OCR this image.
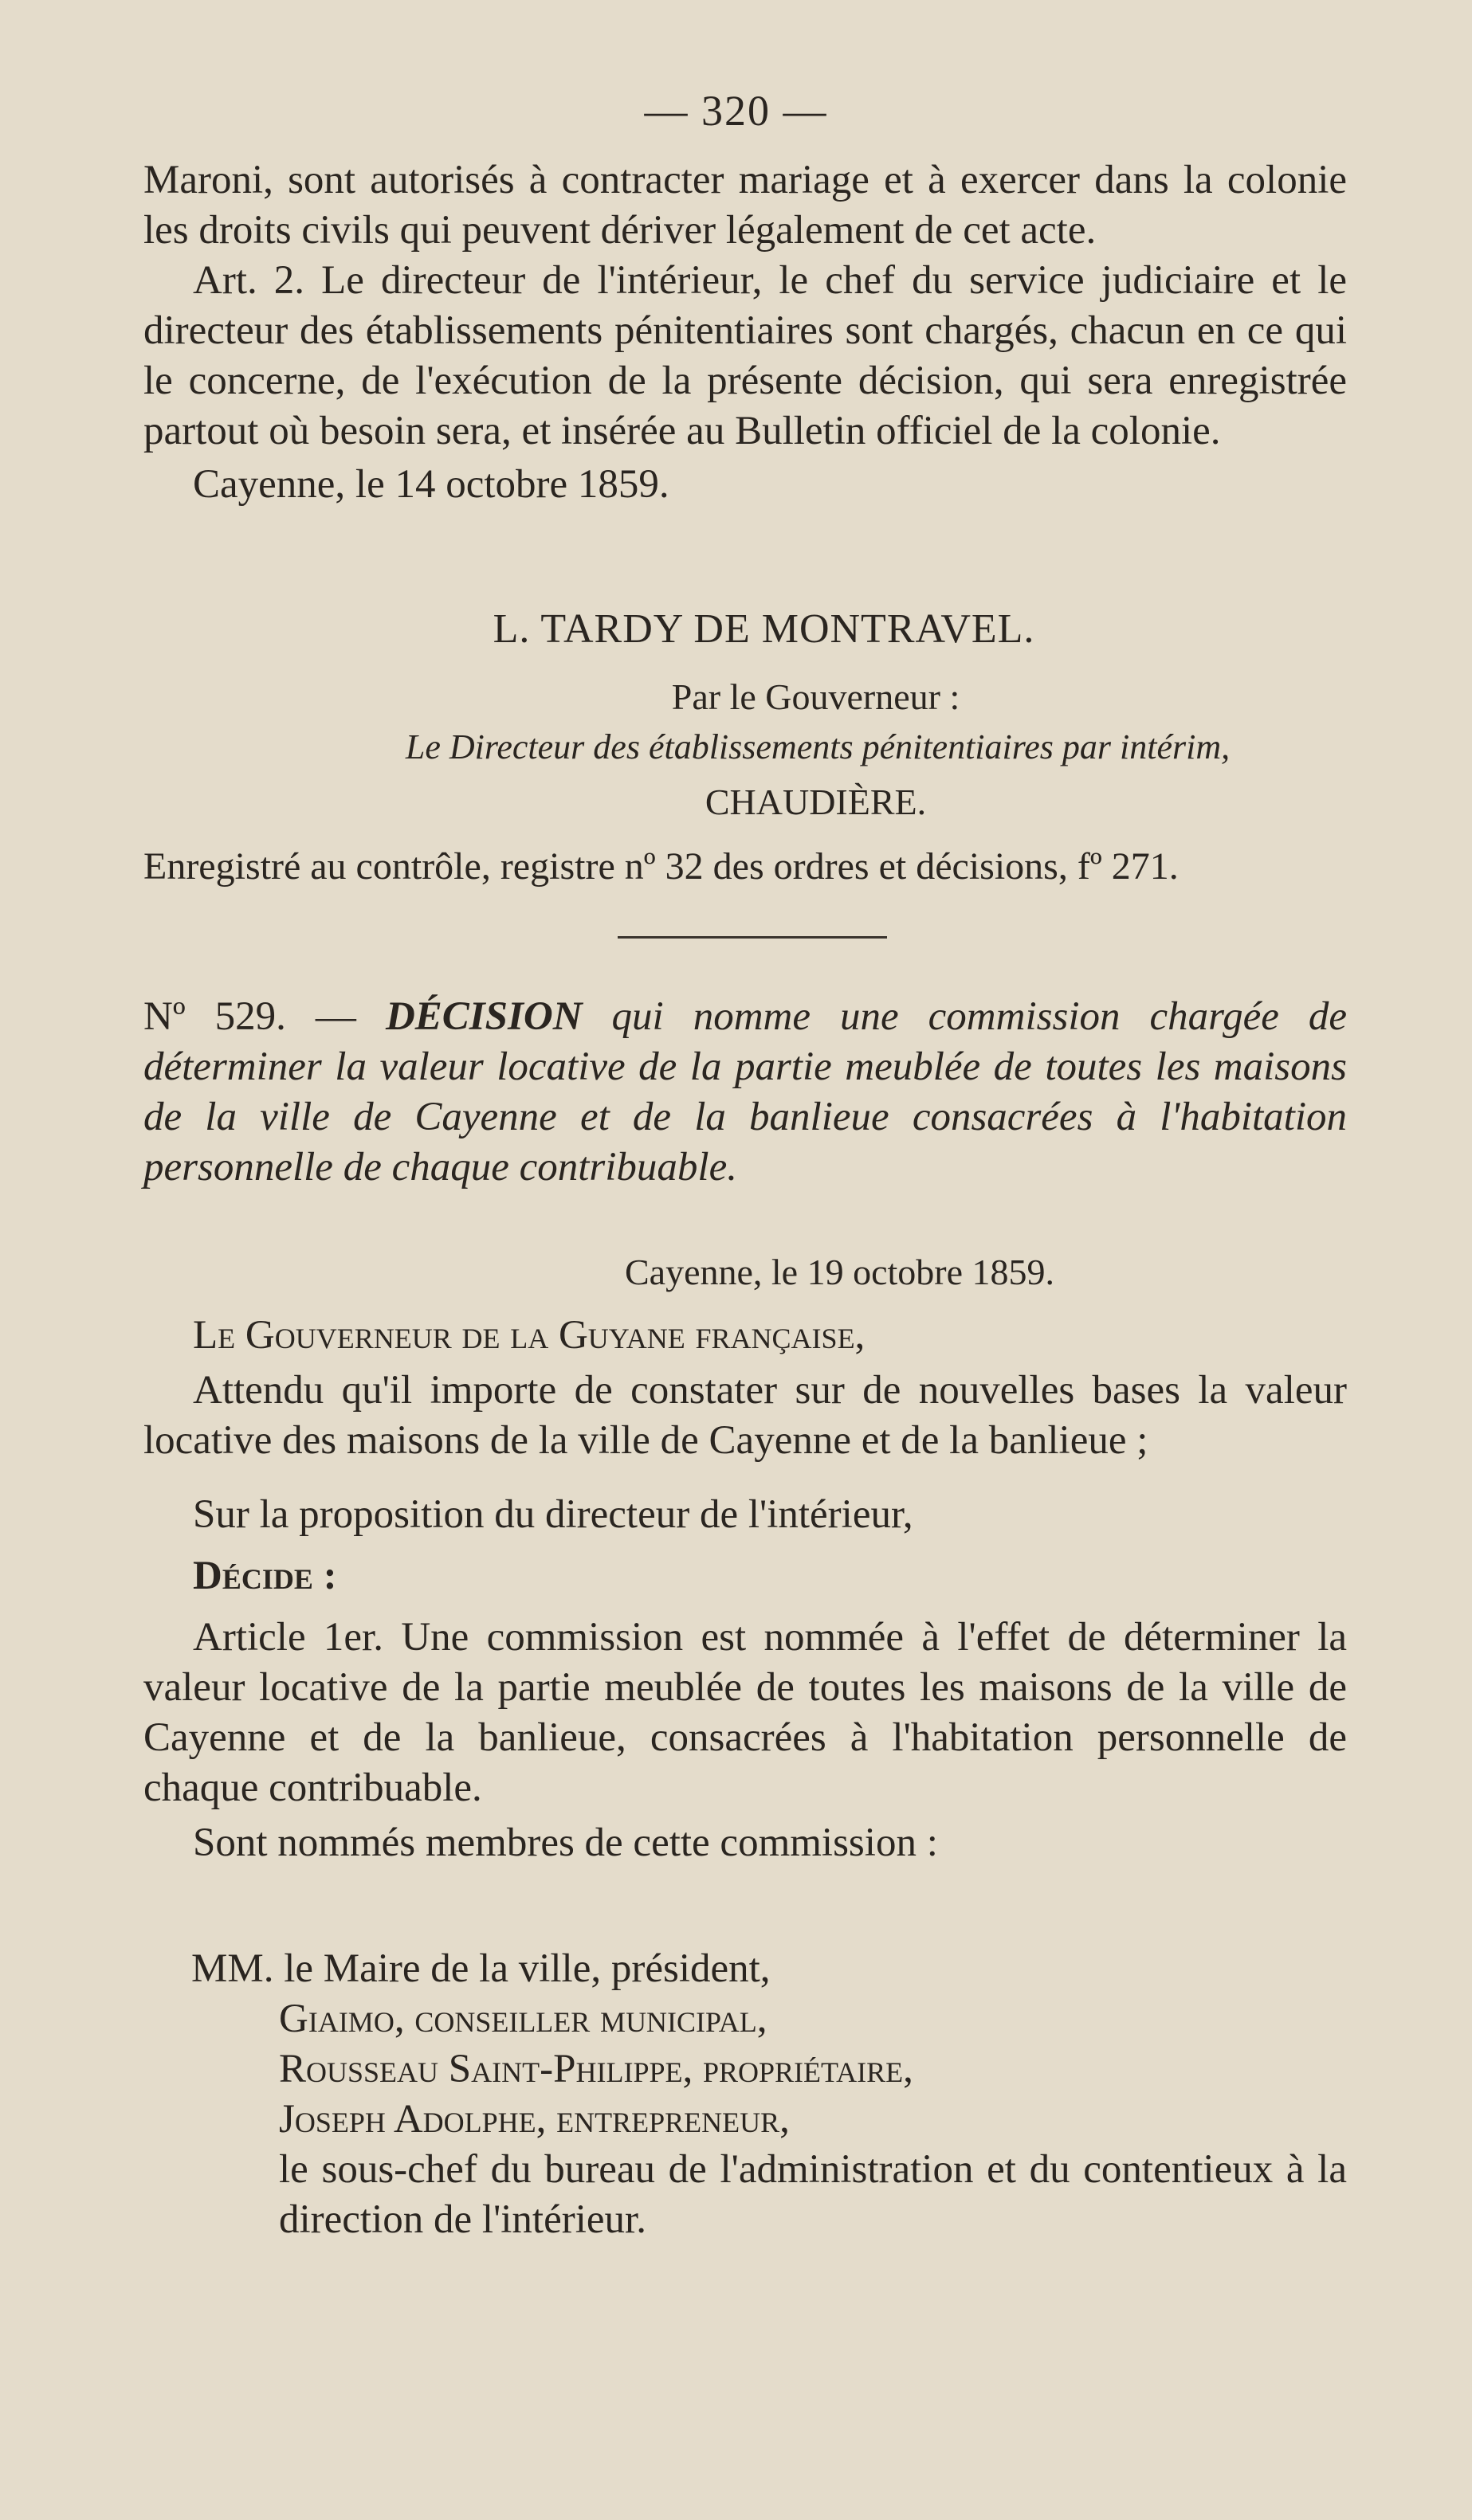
— 320 —

Maroni, sont autorisés à contracter mariage et à exercer dans la colonie les droits civils qui peuvent dériver légalement de cet acte.

Art. 2. Le directeur de l'intérieur, le chef du service judiciaire et le directeur des établissements pénitentiaires sont chargés, chacun en ce qui le concerne, de l'exécution de la présente décision, qui sera enregistrée partout où besoin sera, et insérée au Bulletin officiel de la colonie.

Cayenne, le 14 octobre 1859.

L. TARDY DE MONTRAVEL.
Par le Gouverneur :
Le Directeur des établissements pénitentiaires par intérim,
CHAUDIÈRE.
Enregistré au contrôle, registre nº 32 des ordres et décisions, fº 271.
Nº 529. — DÉCISION qui nomme une commission chargée de déterminer la valeur locative de la partie meublée de toutes les maisons de la ville de Cayenne et de la banlieue consacrées à l'habitation personnelle de chaque contribuable.
Cayenne, le 19 octobre 1859.

Le Gouverneur de la Guyane française,

Attendu qu'il importe de constater sur de nouvelles bases la valeur locative des maisons de la ville de Cayenne et de la banlieue ;

Sur la proposition du directeur de l'intérieur,

Décide :

Article 1er. Une commission est nommée à l'effet de déterminer la valeur locative de la partie meublée de toutes les maisons de la ville de Cayenne et de la banlieue, consacrées à l'habitation personnelle de chaque contribuable.

Sont nommés membres de cette commission :

MM. le Maire de la ville, président,
Giaimo, conseiller municipal,
Rousseau Saint-Philippe, propriétaire,
Joseph Adolphe, entrepreneur,
le sous-chef du bureau de l'administration et du contentieux à la direction de l'intérieur.
